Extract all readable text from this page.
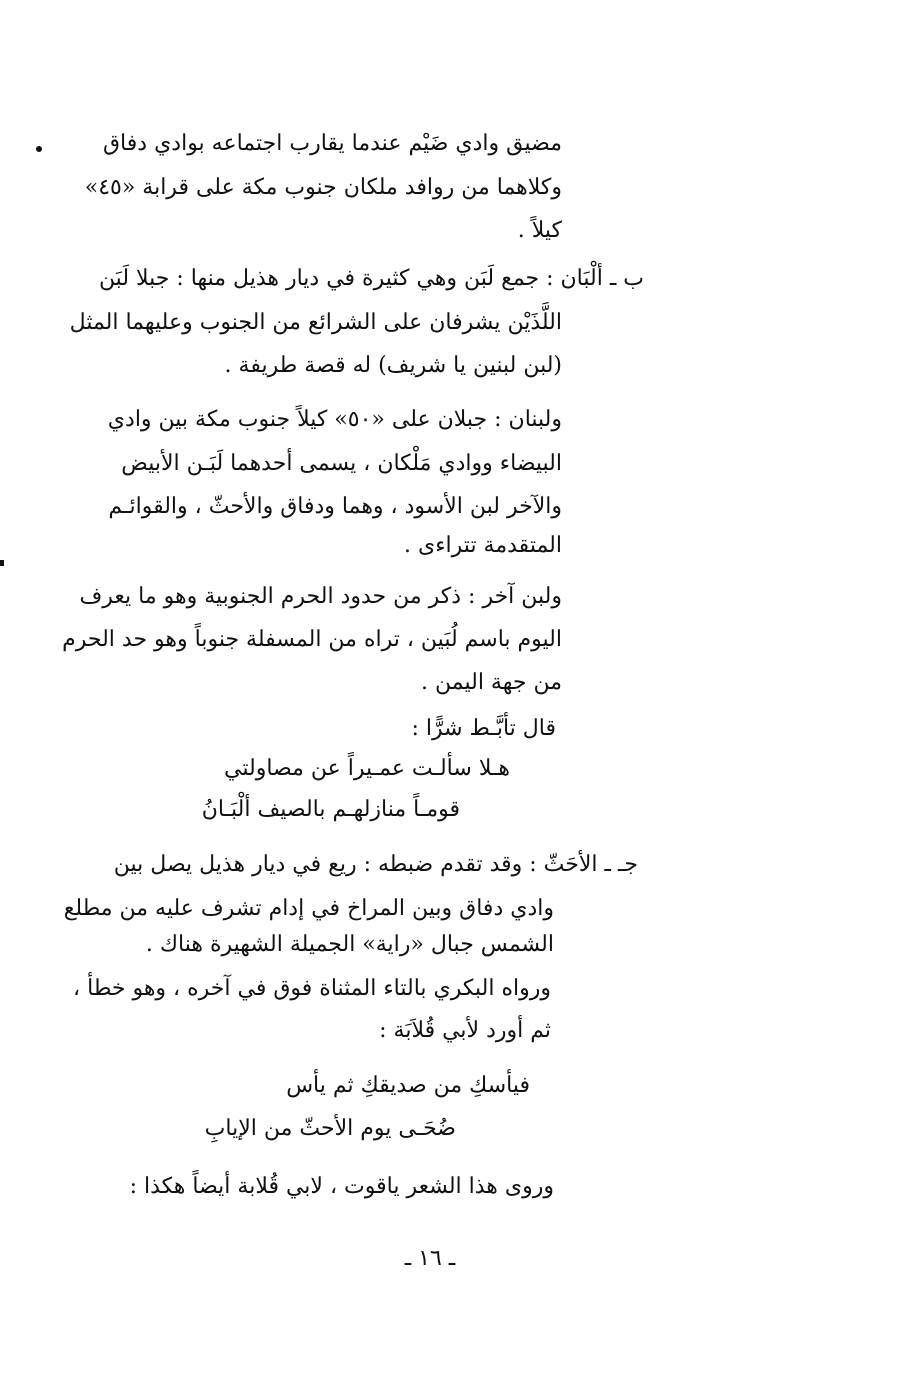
مضيق وادي ضَيْم عندما يقارب اجتماعه بوادي دفاق
وكلاهما من روافد ملكان جنوب مكة على قرابة «٤٥»
كيلاً .
ب ـ ألْبَان : جمع لَبَن وهي كثيرة في ديار هذيل منها : جبلا لَبَن
اللَّذَيْن يشرفان على الشرائع من الجنوب وعليهما المثل
(لبن لبنين يا شريف) له قصة طريفة .
ولبنان : جبلان على «٥٠» كيلاً جنوب مكة بين وادي
البيضاء ووادي مَلْكان ، يسمى أحدهما لَبَـن الأبيض
والآخر لبن الأسود ، وهما ودفاق والأحثّ ، والقوائـم
المتقدمة تتراءى .
ولبن آخر : ذكر من حدود الحرم الجنوبية وهو ما يعرف
اليوم باسم لُبَين ، تراه من المسفلة جنوباً وهو حد الحرم
من جهة اليمن .
قال تأبَّـط شرًّا :
هـلا سألـت عمـيراً عن مصاولتي
قومـاً منازلهـم بالصيف ألْبَـانُ
جـ ـ الأحَثّ : وقد تقدم ضبطه : ريع في ديار هذيل يصل بين
وادي دفاق وبين المراخ في إدام تشرف عليه من مطلع
الشمس جبال «راية» الجميلة الشهيرة هناك .
ورواه البكري بالتاء المثناة فوق في آخره ، وهو خطأ ،
ثم أورد لأبي قُلاَبَة :
فيأسكِ من صديقكِ ثم يأس
ضُحَـى يوم الأحثّ من الإيابِ
وروى هذا الشعر ياقوت ، لابي قُلابة أيضاً هكذا :
ـ ١٦ ـ
